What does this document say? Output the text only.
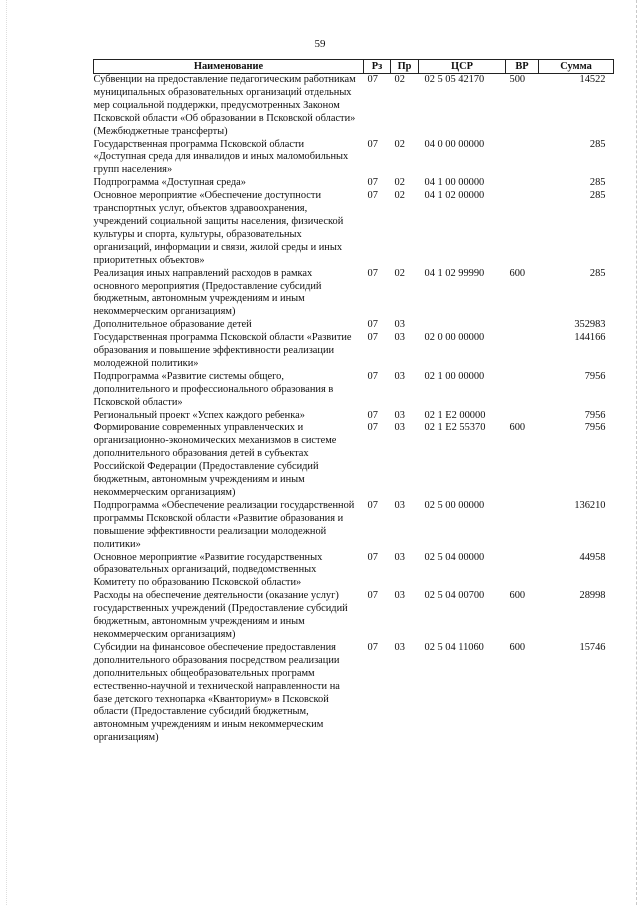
59
Наименование	Рз	Пр	ЦСР	ВР	Сумма
Субвенции на предоставление педагогическим работникам муниципальных образовательных организаций отдельных мер социальной поддержки, предусмотренных Законом Псковской области «Об образовании в Псковской области» (Межбюджетные трансферты)	07	02	02 5 05 42170	500	14522
Государственная программа Псковской области «Доступная среда для инвалидов и иных маломобильных групп населения»	07	02	04 0 00 00000		285
Подпрограмма «Доступная среда»	07	02	04 1 00 00000		285
Основное мероприятие «Обеспечение доступности транспортных услуг, объектов здравоохранения, учреждений социальной защиты населения, физической культуры и спорта, культуры, образовательных организаций, информации и связи, жилой среды и иных приоритетных объектов»	07	02	04 1 02 00000		285
Реализация иных направлений расходов в рамках основного мероприятия (Предоставление субсидий бюджетным, автономным учреждениям и иным некоммерческим организациям)	07	02	04 1 02 99990	600	285
Дополнительное образование детей	07	03			352983
Государственная программа Псковской области «Развитие образования и повышение эффективности реализации молодежной политики»	07	03	02 0 00 00000		144166
Подпрограмма «Развитие системы общего, дополнительного и профессионального образования в Псковской области»	07	03	02 1 00 00000		7956
Региональный проект «Успех каждого ребенка»	07	03	02 1 E2 00000		7956
Формирование современных управленческих и организационно-экономических механизмов в системе дополнительного образования детей в субъектах Российской Федерации (Предоставление субсидий бюджетным, автономным учреждениям и иным некоммерческим организациям)	07	03	02 1 E2 55370	600	7956
Подпрограмма «Обеспечение реализации государственной программы Псковской области «Развитие образования и повышение эффективности реализации молодежной политики»	07	03	02 5 00 00000		136210
Основное мероприятие «Развитие государственных образовательных организаций, подведомственных Комитету по образованию Псковской области»	07	03	02 5 04 00000		44958
Расходы на обеспечение деятельности (оказание услуг) государственных учреждений (Предоставление субсидий бюджетным, автономным учреждениям и иным некоммерческим организациям)	07	03	02 5 04 00700	600	28998
Субсидии на финансовое обеспечение предоставления дополнительного образования посредством реализации дополнительных общеобразовательных программ естественно-научной и технической направленности на базе детского технопарка «Кванториум» в Псковской области (Предоставление субсидий бюджетным, автономным учреждениям и иным некоммерческим организациям)	07	03	02 5 04 11060	600	15746
